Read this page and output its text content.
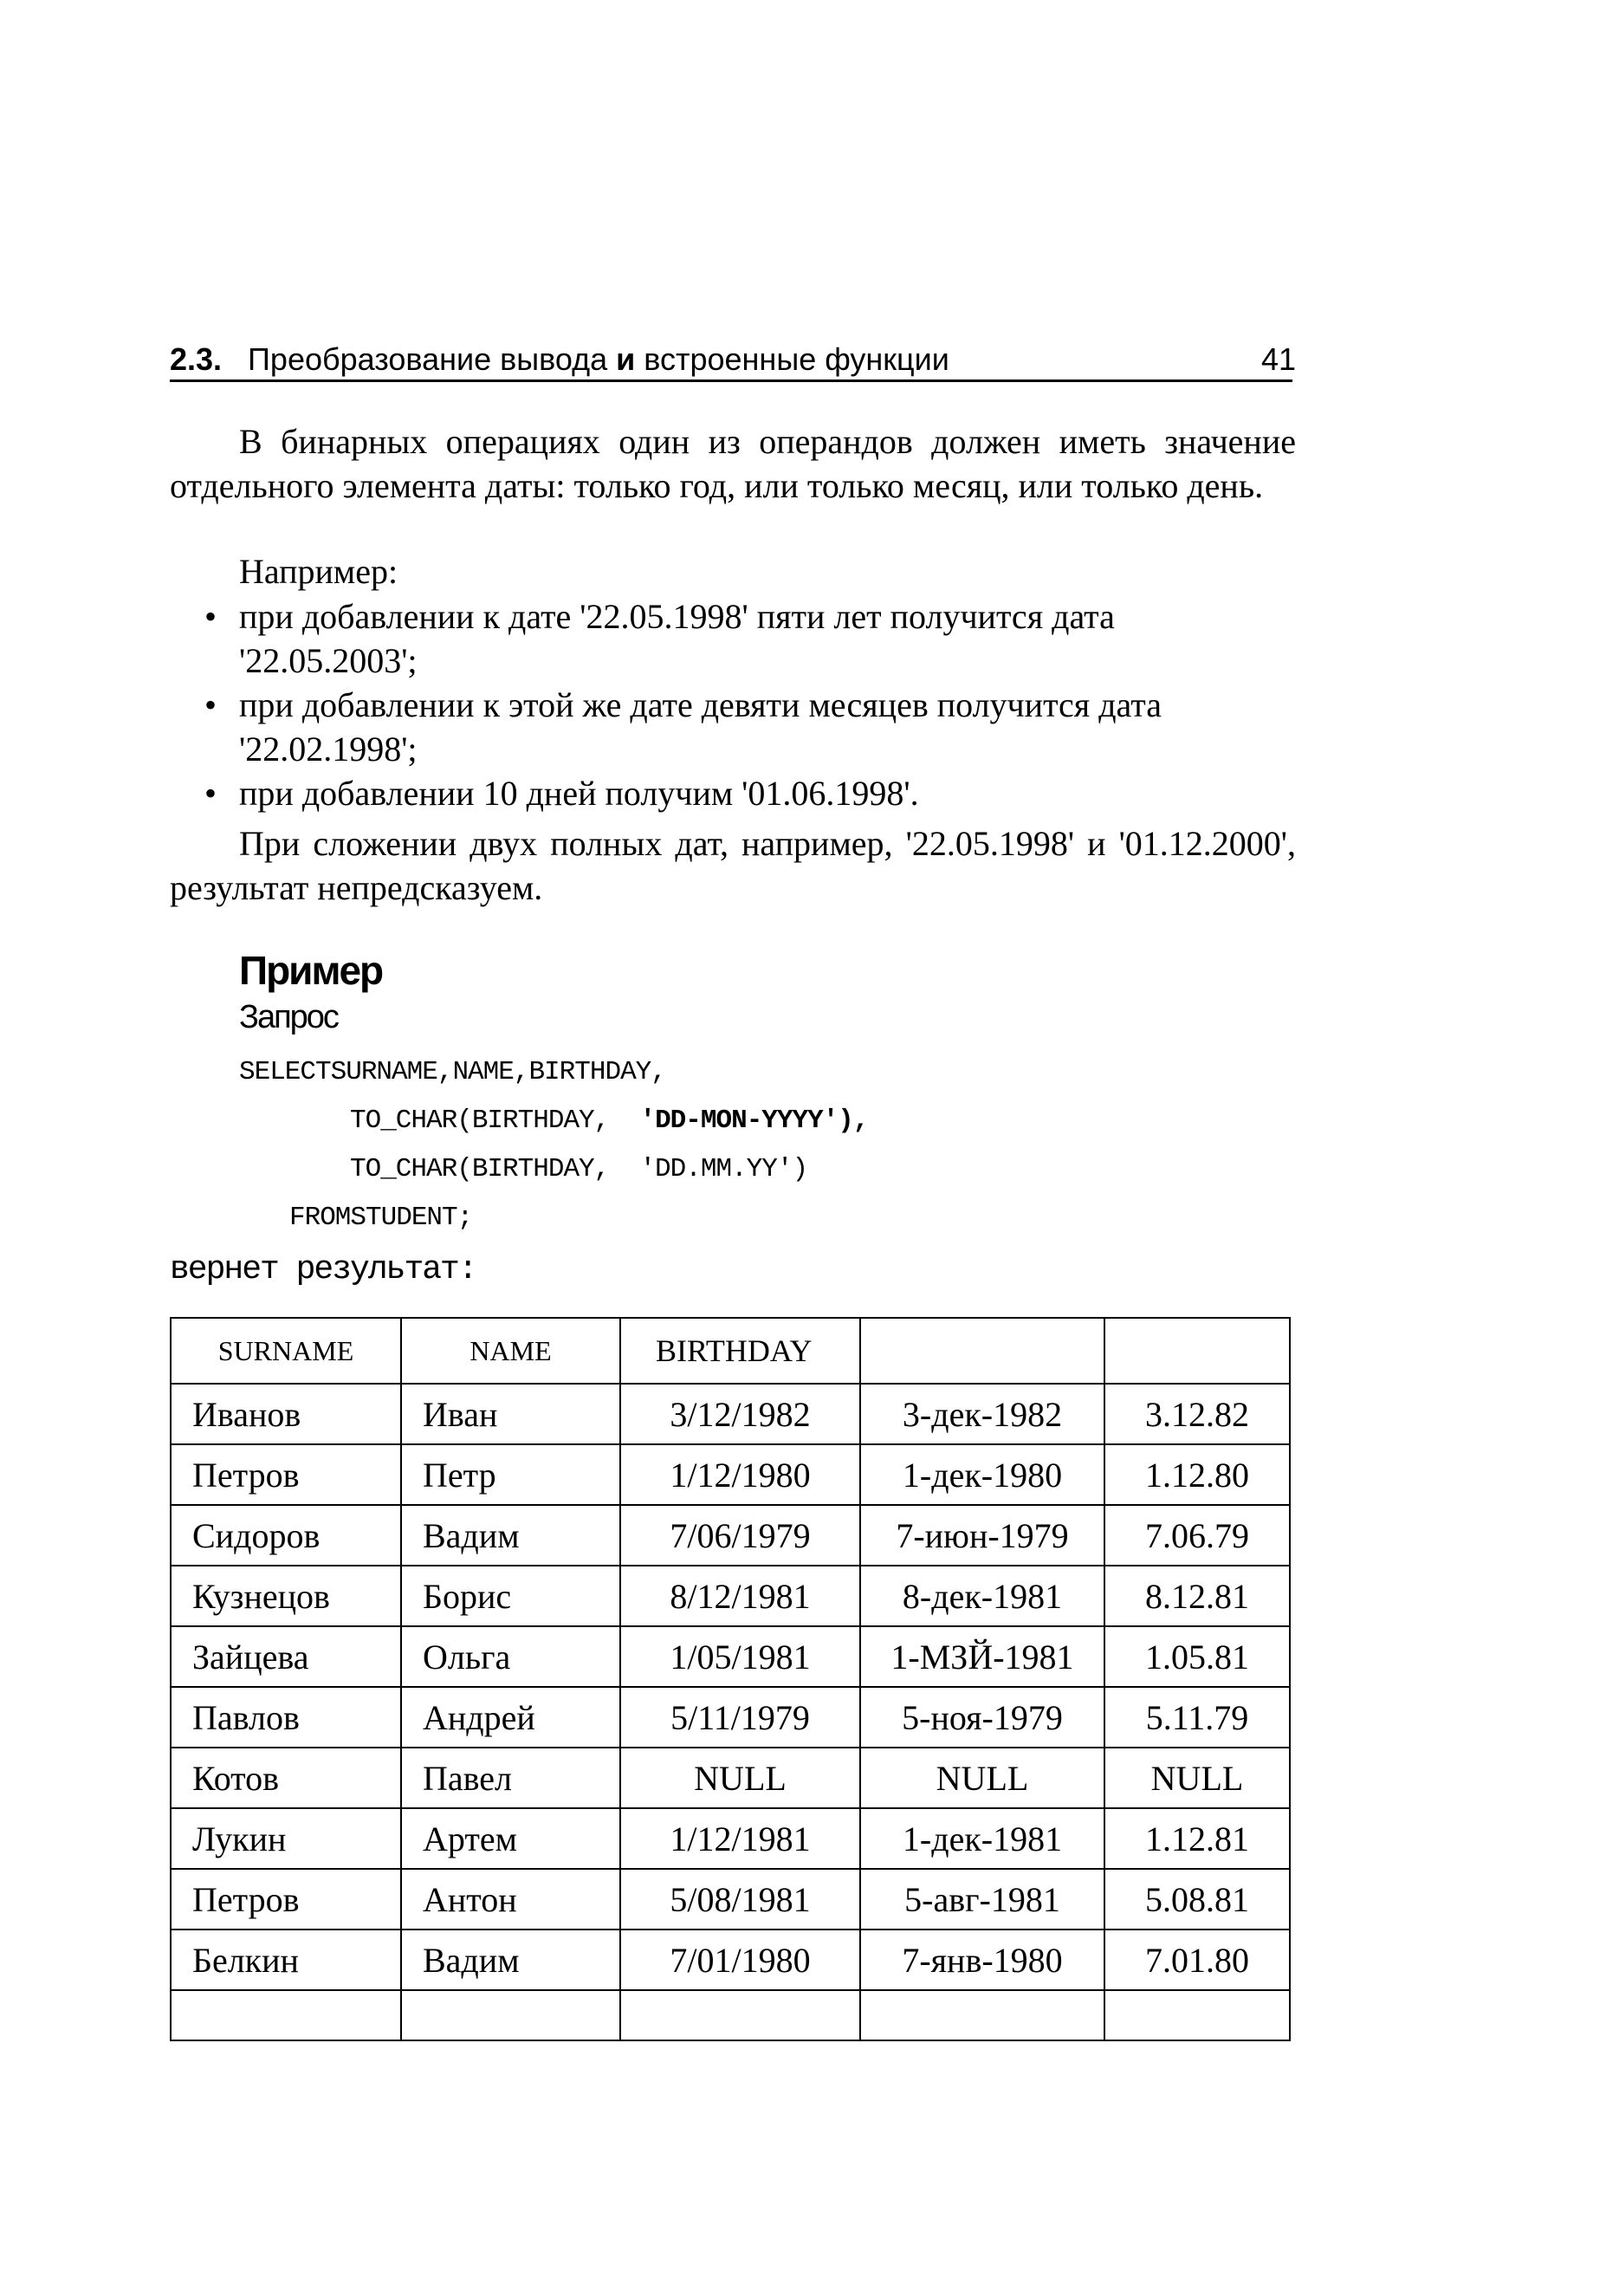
2.3. Преобразование вывода и встроенные функции	41
В бинарных операциях один из операндов должен иметь значение отдельного элемента даты: только год, или только месяц, или только день.
Например:
• при добавлении к дате '22.05.1998' пяти лет получится дата '22.05.2003';
• при добавлении к этой же дате девяти месяцев получится дата '22.02.1998';
• при добавлении 10 дней получим '01.06.1998'.
При сложении двух полных дат, например, '22.05.1998' и '01.12.2000', результат непредсказуем.
Пример
Запрос
SELECTSURNAME,NAME,BIRTHDAY,
TO_CHAR(BIRTHDAY,  'DD-MON-YYYY'),
TO_CHAR(BIRTHDAY,  'DD.MM.YY')
FROMSTUDENT;
вернет результат:
SURNAME	NAME	BIRTHDAY		
Иванов	Иван	3/12/1982	3-дек-1982	3.12.82
Петров	Петр	1/12/1980	1-дек-1980	1.12.80
Сидоров	Вадим	7/06/1979	7-июн-1979	7.06.79
Кузнецов	Борис	8/12/1981	8-дек-1981	8.12.81
Зайцева	Ольга	1/05/1981	1-МЗЙ-1981	1.05.81
Павлов	Андрей	5/11/1979	5-ноя-1979	5.11.79
Котов	Павел	NULL	NULL	NULL
Лукин	Артем	1/12/1981	1-дек-1981	1.12.81
Петров	Антон	5/08/1981	5-авг-1981	5.08.81
Белкин	Вадим	7/01/1980	7-янв-1980	7.01.80
